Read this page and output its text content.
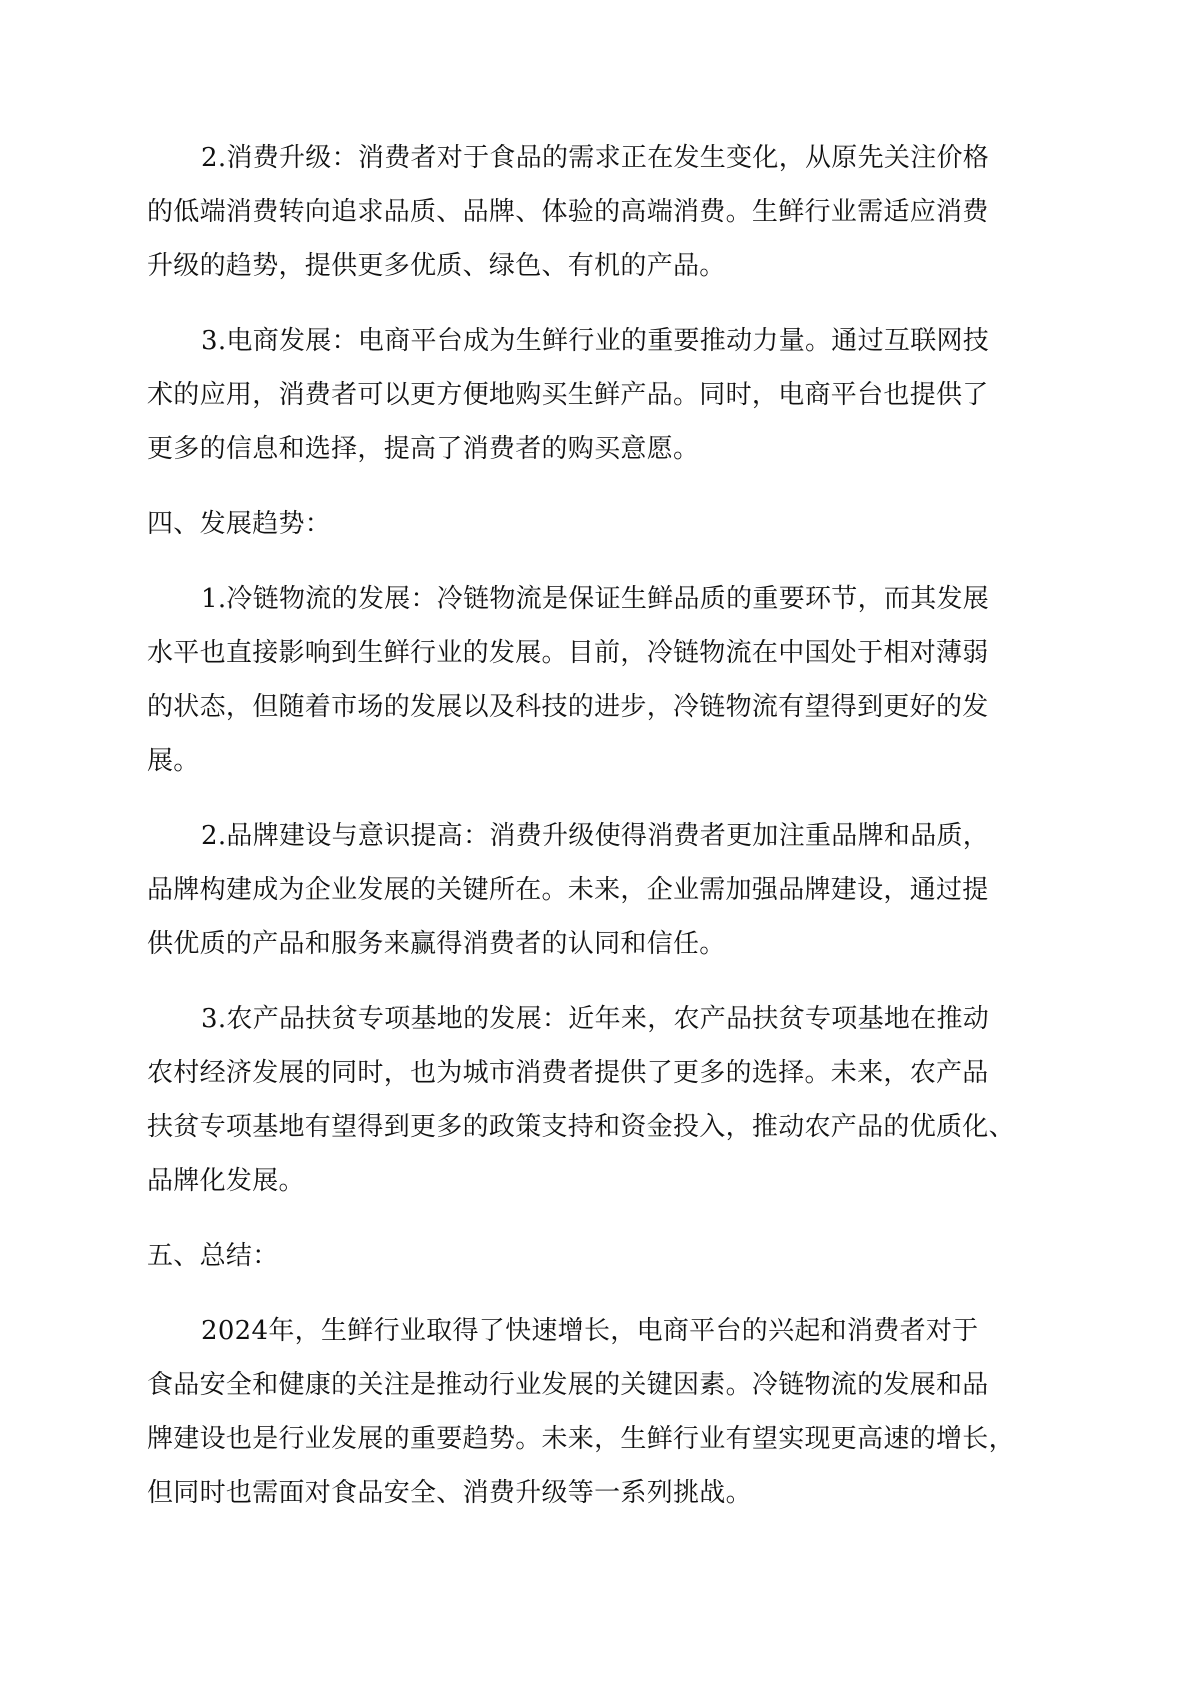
2.消费升级：消费者对于食品的需求正在发生变化，从原先关注价格
的低端消费转向追求品质、品牌、体验的高端消费。生鲜行业需适应消费
升级的趋势，提供更多优质、绿色、有机的产品。
3.电商发展：电商平台成为生鲜行业的重要推动力量。通过互联网技
术的应用，消费者可以更方便地购买生鲜产品。同时，电商平台也提供了
更多的信息和选择，提高了消费者的购买意愿。
四、发展趋势：
1.冷链物流的发展：冷链物流是保证生鲜品质的重要环节，而其发展
水平也直接影响到生鲜行业的发展。目前，冷链物流在中国处于相对薄弱
的状态，但随着市场的发展以及科技的进步，冷链物流有望得到更好的发
展。
2.品牌建设与意识提高：消费升级使得消费者更加注重品牌和品质，
品牌构建成为企业发展的关键所在。未来，企业需加强品牌建设，通过提
供优质的产品和服务来赢得消费者的认同和信任。
3.农产品扶贫专项基地的发展：近年来，农产品扶贫专项基地在推动
农村经济发展的同时，也为城市消费者提供了更多的选择。未来，农产品
扶贫专项基地有望得到更多的政策支持和资金投入，推动农产品的优质化、
品牌化发展。
五、总结：
2024年，生鲜行业取得了快速增长，电商平台的兴起和消费者对于
食品安全和健康的关注是推动行业发展的关键因素。冷链物流的发展和品
牌建设也是行业发展的重要趋势。未来，生鲜行业有望实现更高速的增长，
但同时也需面对食品安全、消费升级等一系列挑战。
